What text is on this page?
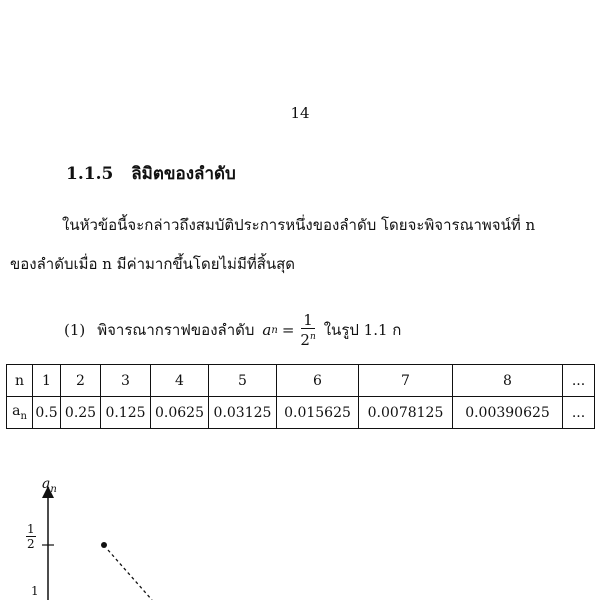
14
1.1.5 ลิมิตของลำดับ
ในหัวข้อนี้จะกล่าวถึงสมบัติประการหนึ่งของลำดับ โดยจะพิจารณาพจน์ที่ n
ของลำดับเมื่อ n มีค่ามากขึ้นโดยไม่มีที่สิ้นสุด
(1) พิจารณากราฟของลำดับ a $n = \frac{1}{2^n}$ ในรูป 1.1 ก
n	1	2	3	4	5	6	7	8	...
$a_n$	0.5	0.25	0.125	0.0625	0.03125	0.015625	0.0078125	0.00390625	...
$a_n$
$\frac{1}{2}$
1
